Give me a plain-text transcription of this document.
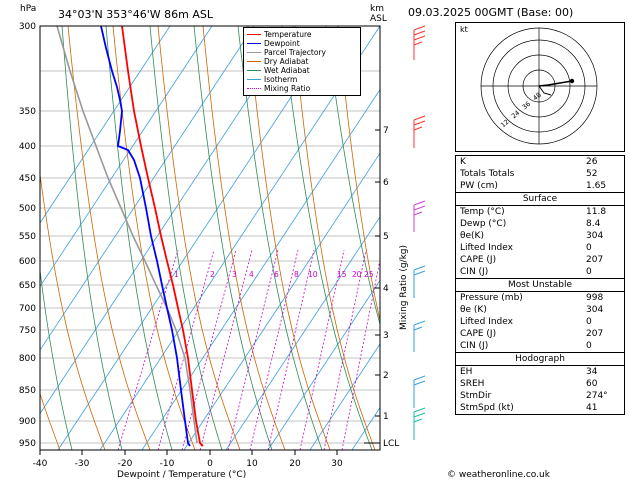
hPa 34°03'N 353°46'W 86m ASL	km
ASL
1	2 3 4	6 8 10	15 20 25
-40	-30	-20	-10	0	10	20	30
300
350
400
450
500
550
600
650
700
750
800
850
900
950
7
6
5
4
3
2
1
LCL
Dewpoint / Temperature (°C)
Mixing Ratio (g/kg)
Temperature
Dewpoint
Parcel Trajectory
Dry Adiabat
Wet Adiabat
Isotherm
Mixing Ratio
09.03.2025 00GMT (Base: 00)
kt
12
24
36
48
K	26
Totals Totals	52
PW (cm)	1.65
Surface
Temp (°C)	11.8
Dewp (°C)	8.4
θe(K)	304
Lifted Index	0
CAPE (J)	207
CIN (J)	0
Most Unstable
Pressure (mb)	998
θe (K)	304
Lifted Index	0
CAPE (J)	207
CIN (J)	0
Hodograph
EH	34
SREH	60
StmDir	274°
StmSpd (kt)	41
© weatheronline.co.uk
